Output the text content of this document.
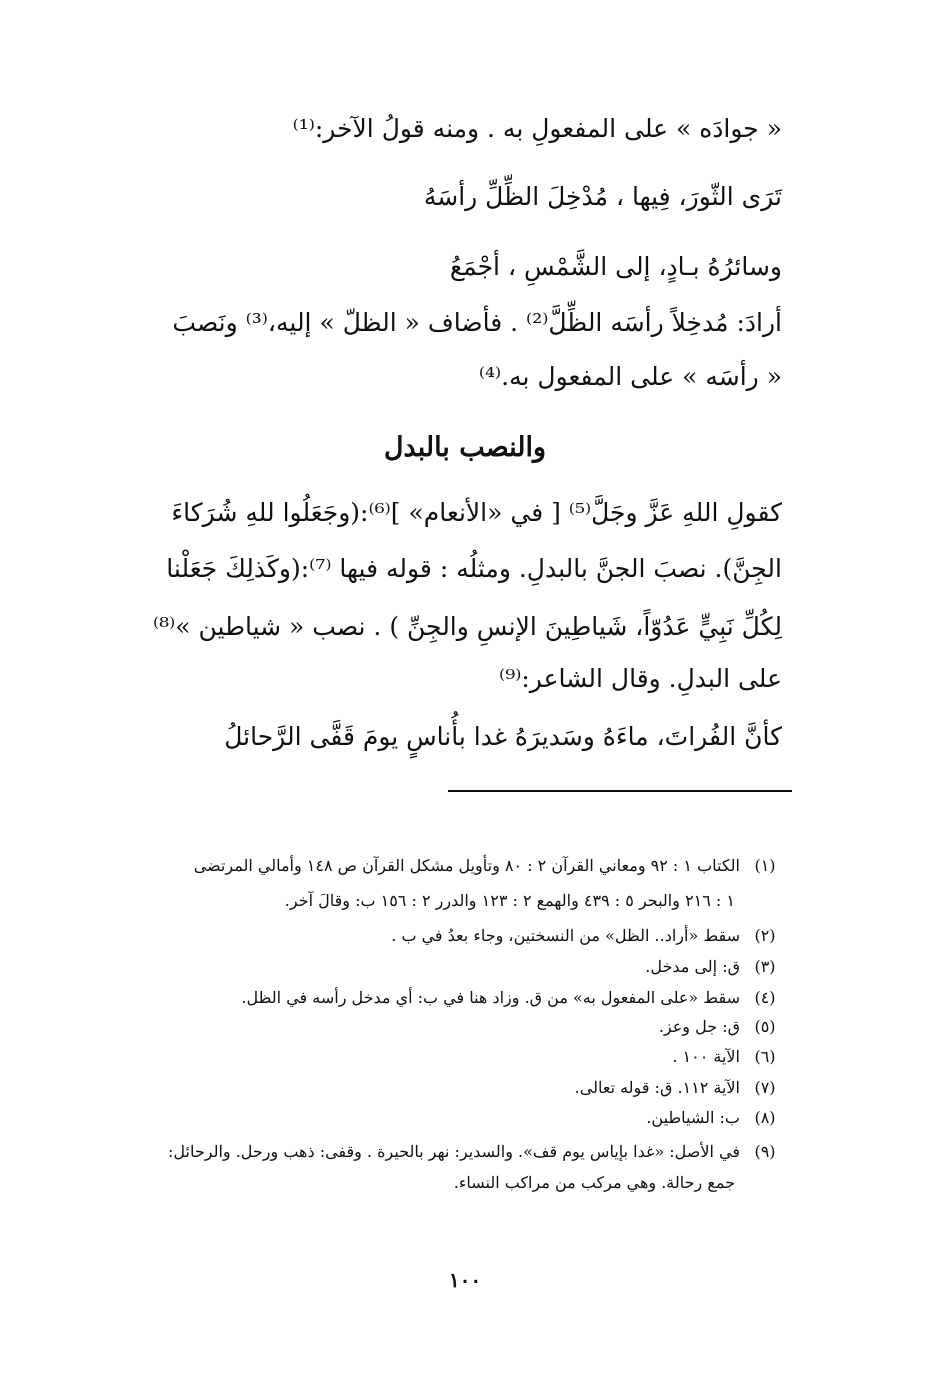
« جوادَه » على المفعولِ به . ومنه قولُ الآخر:⁽¹⁾
تَرَى الثّورَ، فِيها ، مُدْخِلَ الظِّلِّ رأسَهُ
وسائرُهُ بـادٍ، إلى الشَّمْسِ ، أجْمَعُ
أرادَ: مُدخِلاً رأسَه الظِّلَّ⁽²⁾ . فأضاف « الظلّ » إليه،⁽³⁾ ونَصبَ
« رأسَه » على المفعول به.⁽⁴⁾
والنصب بالبدل
كقولِ اللهِ عَزَّ وجَلَّ⁽⁵⁾ [ في «الأنعام» ]⁽⁶⁾:(وجَعَلُوا للهِ شُرَكاءَ
الجِنَّ). نصبَ الجنَّ بالبدلِ. ومثلُه : قوله فيها ⁽⁷⁾:(وكَذلِكَ جَعَلْنا
لِكُلِّ نَبِيٍّ عَدُوّاً، شَياطِينَ الإنسِ والجِنِّ ) . نصب « شياطين »⁽⁸⁾
على البدلِ. وقال الشاعر:⁽⁹⁾
كأنَّ الفُراتَ، ماءَهُ وسَديرَهُ غدا بأُناسٍ يومَ قَفَّى الرَّحائلُ
(١)الكتاب ١ : ٩٢ ومعاني القرآن ٢ : ٨٠ وتأويل مشكل القرآن ص ١٤٨ وأمالي المرتضى
١ : ٢١٦ والبحر ٥ : ٤٣٩ والهمع ٢ : ١٢٣ والدرر ٢ : ١٥٦ ب: وقالَ آخر.
(٢)سقط «أراد.. الظل» من النسختين، وجاء بعدُ في ب .
(٣)ق: إلى مدخل.
(٤)سقط «على المفعول به» من ق. وزاد هنا في ب: أي مدخل رأسه في الظل.
(٥)ق: جل وعز.
(٦)الآية ١٠٠ .
(٧)الآية ١١٢. ق: قوله تعالى.
(٨)ب: الشياطين.
(٩)في الأصل: «غدا بإياس يوم قف». والسدير: نهر بالحيرة . وقفى: ذهب ورحل. والرحائل:
جمع رحالة. وهي مركب من مراكب النساء.
١٠٠
